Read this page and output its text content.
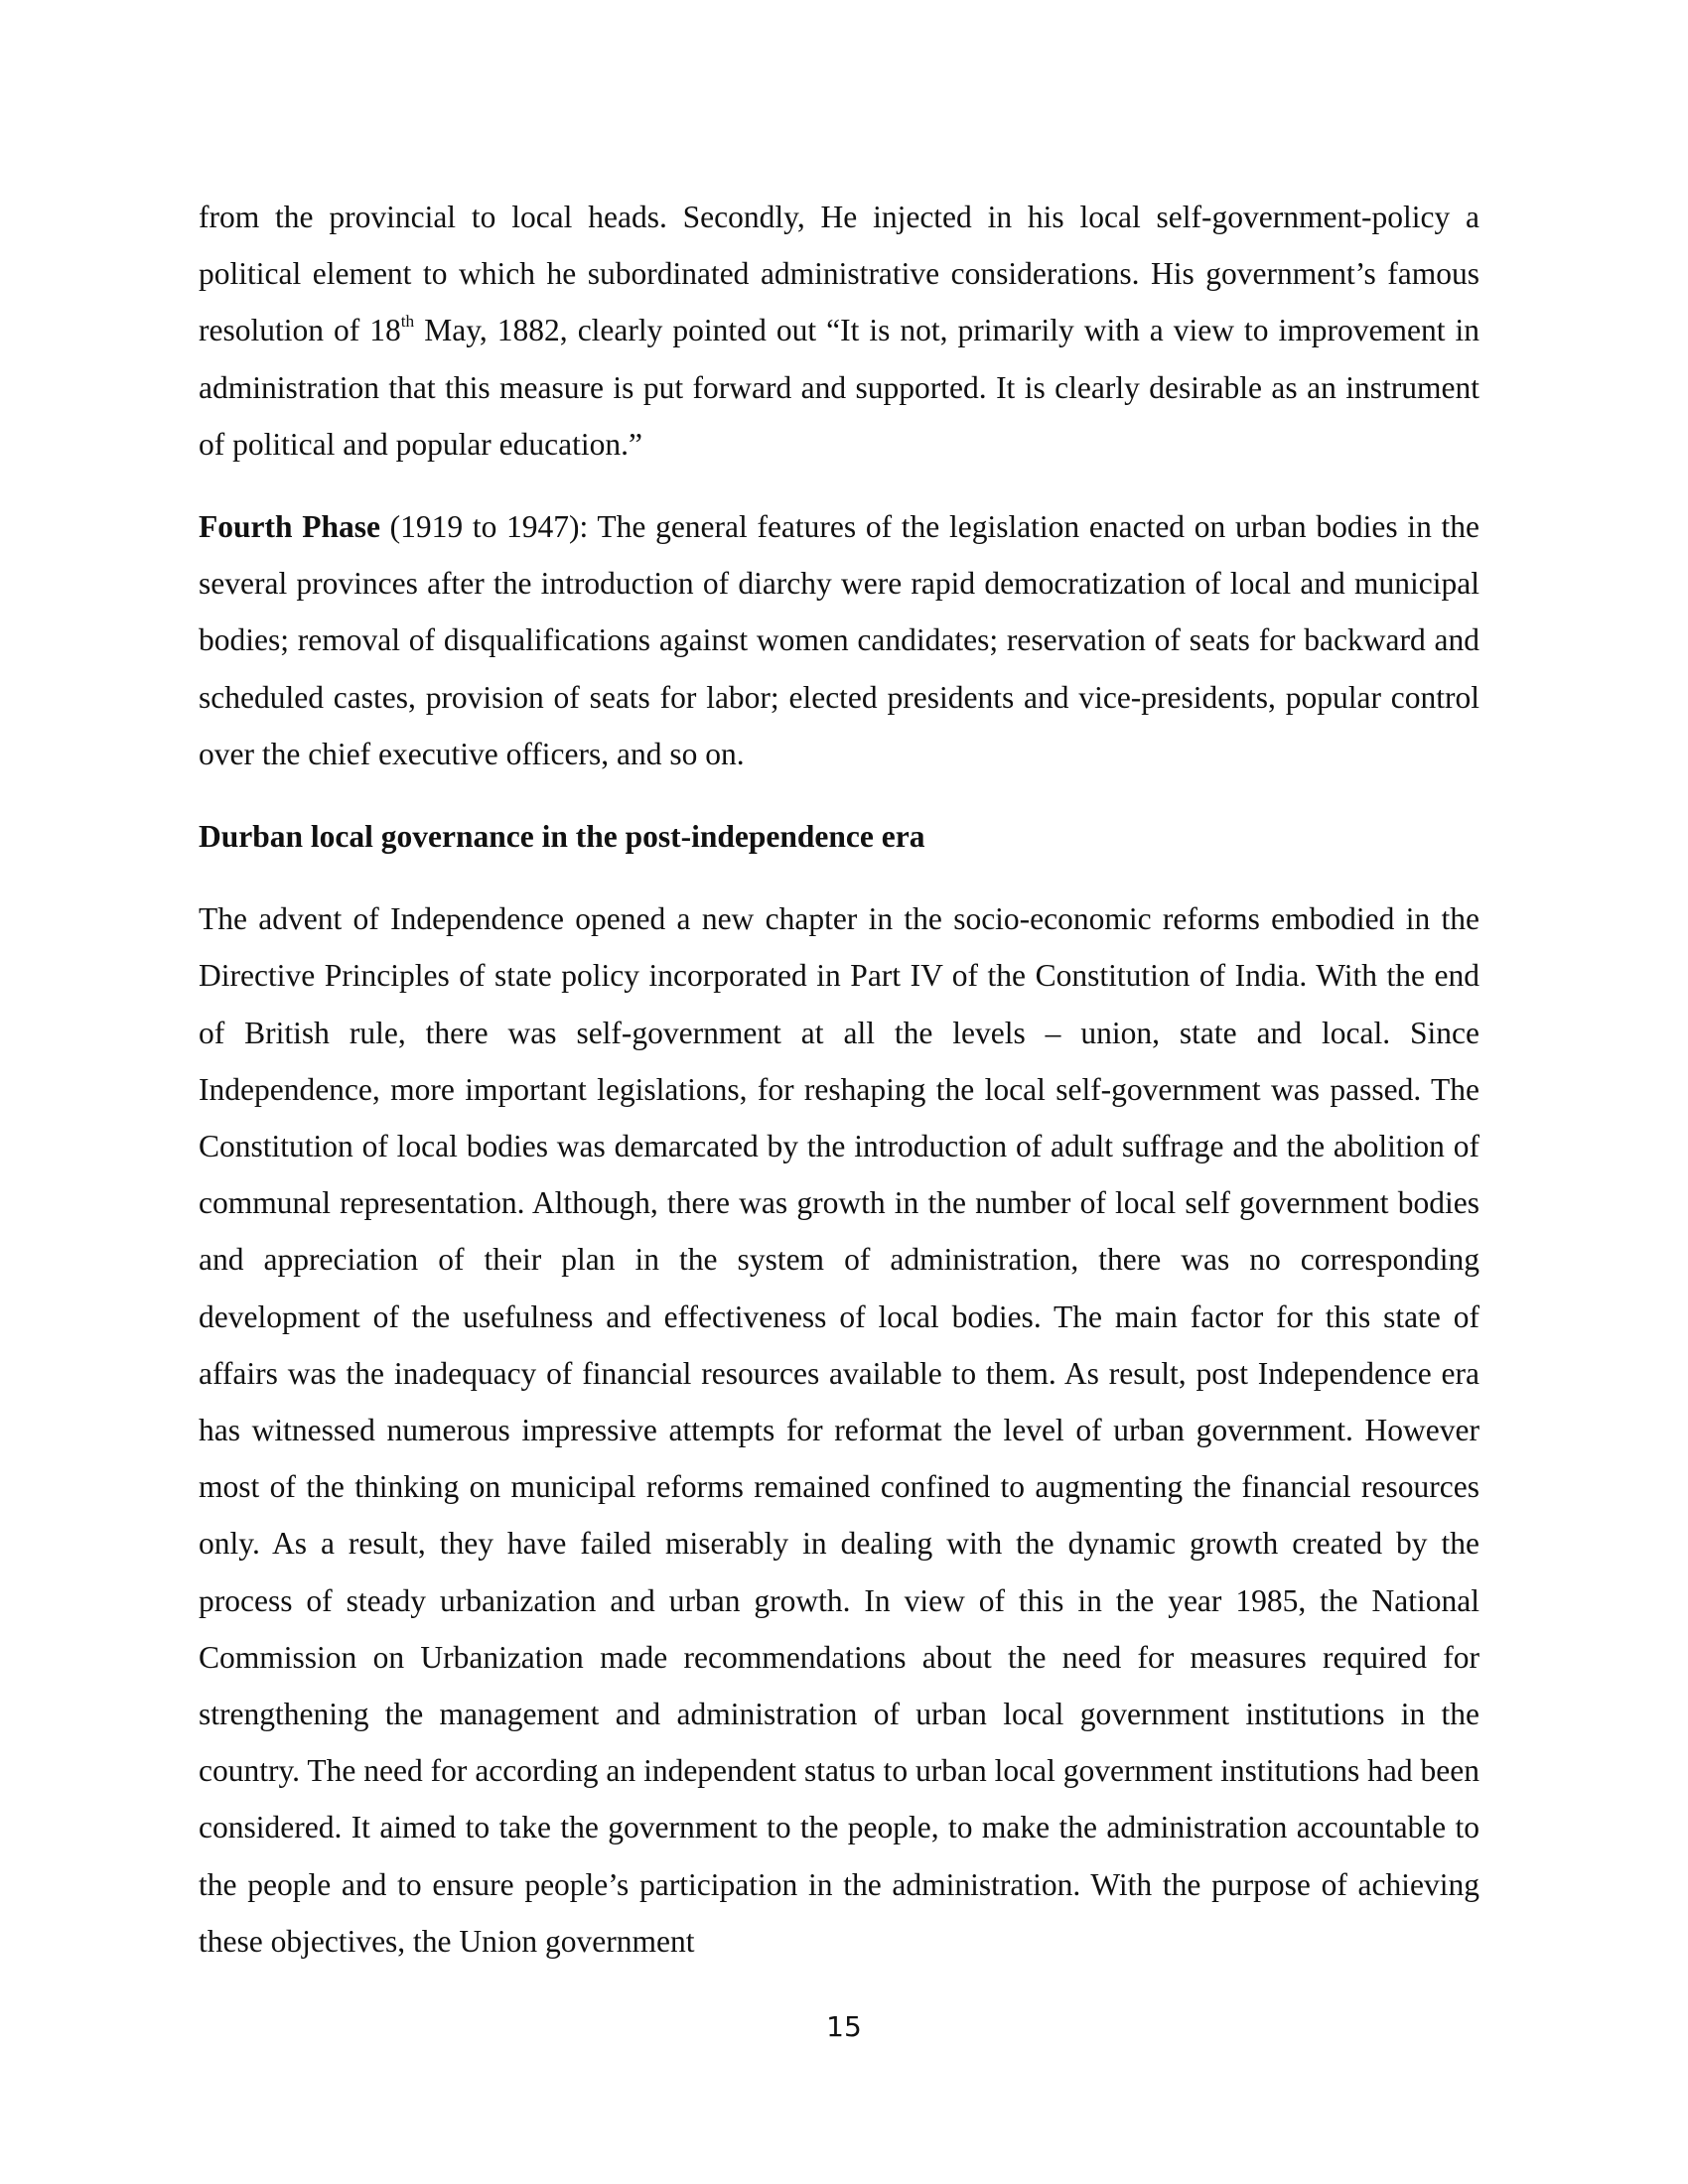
from the provincial to local heads. Secondly, He injected in his local self-government-policy a political element to which he subordinated administrative considerations. His government’s famous resolution of 18th May, 1882, clearly pointed out “It is not, primarily with a view to improvement in administration that this measure is put forward and supported. It is clearly desirable as an instrument of political and popular education.”

Fourth Phase (1919 to 1947): The general features of the legislation enacted on urban bodies in the several provinces after the introduction of diarchy were rapid democratization of local and municipal bodies; removal of disqualifications against women candidates; reservation of seats for backward and scheduled castes, provision of seats for labor; elected presidents and vice-presidents, popular control over the chief executive officers, and so on.

Durban local governance in the post-independence era

The advent of Independence opened a new chapter in the socio-economic reforms embodied in the Directive Principles of state policy incorporated in Part IV of the Constitution of India. With the end of British rule, there was self-government at all the levels – union, state and local. Since Independence, more important legislations, for reshaping the local self-government was passed. The Constitution of local bodies was demarcated by the introduction of adult suffrage and the abolition of communal representation. Although, there was growth in the number of local self government bodies and appreciation of their plan in the system of administration, there was no corresponding development of the usefulness and effectiveness of local bodies. The main factor for this state of affairs was the inadequacy of financial resources available to them. As result, post Independence era has witnessed numerous impressive attempts for reformat the level of urban government. However most of the thinking on municipal reforms remained confined to augmenting the financial resources only. As a result, they have failed miserably in dealing with the dynamic growth created by the process of steady urbanization and urban growth. In view of this in the year 1985, the National Commission on Urbanization made recommendations about the need for measures required for strengthening the management and administration of urban local government institutions in the country. The need for according an independent status to urban local government institutions had been considered. It aimed to take the government to the people, to make the administration accountable to the people and to ensure people’s participation in the administration. With the purpose of achieving these objectives, the Union government

15
